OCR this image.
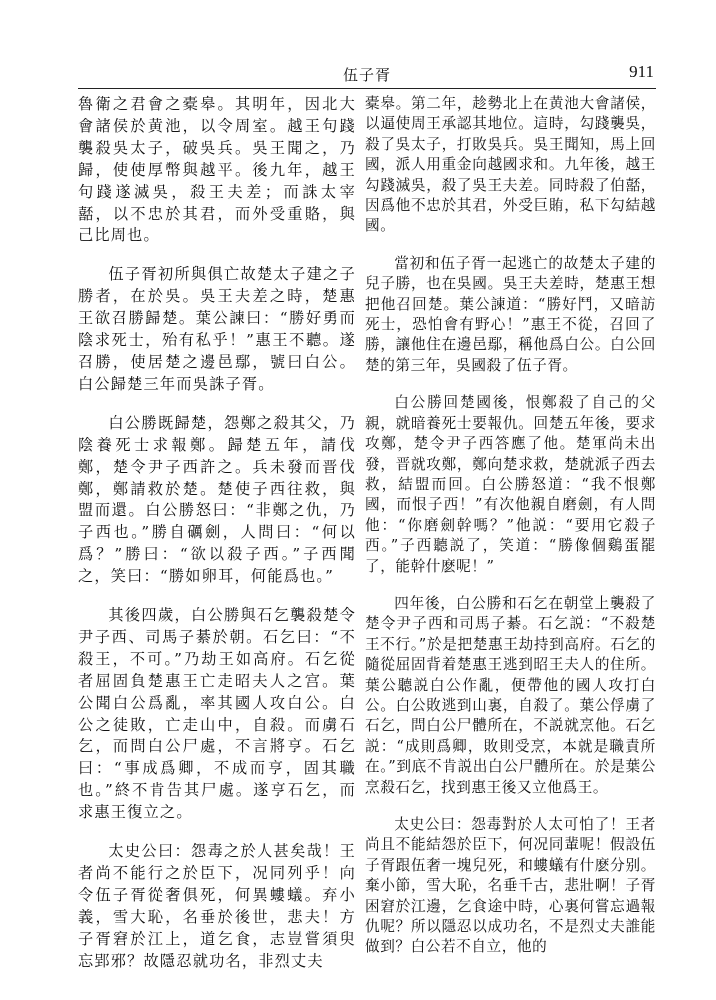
伍子胥	911

魯衛之君會之橐皋。其明年，因北大會諸侯於黄池，以令周室。越王句踐襲殺吳太子，破吳兵。吳王聞之，乃歸，使使厚幣與越平。後九年，越王句踐遂滅吳，殺王夫差；而誅太宰嚭，以不忠於其君，而外受重賂，與己比周也。

伍子胥初所與俱亡故楚太子建之子勝者，在於吳。吳王夫差之時，楚惠王欲召勝歸楚。葉公諫曰：“勝好勇而陰求死士，殆有私乎！”惠王不聽。遂召勝，使居楚之邊邑鄢，號曰白公。白公歸楚三年而吳誅子胥。

白公勝既歸楚，怨鄭之殺其父，乃陰養死士求報鄭。歸楚五年，請伐鄭，楚令尹子西許之。兵未發而晋伐鄭，鄭請救於楚。楚使子西往救，與盟而還。白公勝怒曰：“非鄭之仇，乃子西也。”勝自礪劍，人問曰：“何以爲？”勝曰：“欲以殺子西。”子西聞之，笑曰：“勝如卵耳，何能爲也。”

其後四歲，白公勝與石乞襲殺楚令尹子西、司馬子綦於朝。石乞曰：“不殺王，不可。”乃劫王如高府。石乞從者屈固負楚惠王亡走昭夫人之宫。葉公聞白公爲亂，率其國人攻白公。白公之徒敗，亡走山中，自殺。而虜石乞，而問白公尸處，不言將亨。石乞曰：“事成爲卿，不成而亨，固其職也。”終不肯告其尸處。遂亨石乞，而求惠王復立之。

太史公曰：怨毒之於人甚矣哉！王者尚不能行之於臣下，况同列乎！向令伍子胥從奢俱死，何異螻蟻。弃小義，雪大恥，名垂於後世，悲夫！方子胥窘於江上，道乞食，志豈嘗須臾忘郢邪？故隱忍就功名，非烈丈夫

橐皋。第二年，趁勢北上在黄池大會諸侯，以逼使周王承認其地位。這時，勾踐襲吳，殺了吳太子，打敗吳兵。吳王聞知，馬上回國，派人用重金向越國求和。九年後，越王勾踐滅吳，殺了吳王夫差。同時殺了伯嚭，因爲他不忠於其君，外受巨賄，私下勾結越國。

當初和伍子胥一起逃亡的故楚太子建的兒子勝，也在吳國。吳王夫差時，楚惠王想把他召回楚。葉公諫道：“勝好鬥，又暗訪死士，恐怕會有野心！”惠王不從，召回了勝，讓他住在邊邑鄢，稱他爲白公。白公回楚的第三年，吳國殺了伍子胥。

白公勝回楚國後，恨鄭殺了自己的父親，就暗養死士要報仇。回楚五年後，要求攻鄭，楚令尹子西答應了他。楚軍尚未出發，晋就攻鄭，鄭向楚求救，楚就派子西去救，結盟而回。白公勝怒道：“我不恨鄭國，而恨子西！”有次他親自磨劍，有人問他：“你磨劍幹嗎？”他説：“要用它殺子西。”子西聽説了，笑道：“勝像個鷄蛋罷了，能幹什麽呢！”

四年後，白公勝和石乞在朝堂上襲殺了楚令尹子西和司馬子綦。石乞説：“不殺楚王不行。”於是把楚惠王劫持到高府。石乞的隨從屈固背着楚惠王逃到昭王夫人的住所。葉公聽説白公作亂，便帶他的國人攻打白公。白公敗逃到山裏，自殺了。葉公俘虜了石乞，問白公尸體所在，不説就烹他。石乞説：“成則爲卿，敗則受烹，本就是職責所在。”到底不肯説出白公尸體所在。於是葉公烹殺石乞，找到惠王後又立他爲王。

太史公曰：怨毒對於人太可怕了！王者尚且不能結怨於臣下，何况同輩呢！假設伍子胥跟伍奢一塊兒死，和螻蟻有什麽分别。棄小節，雪大恥，名垂千古，悲壯啊！子胥困窘於江邊，乞食途中時，心裏何嘗忘過報仇呢？所以隱忍以成功名，不是烈丈夫誰能做到？白公若不自立，他的
